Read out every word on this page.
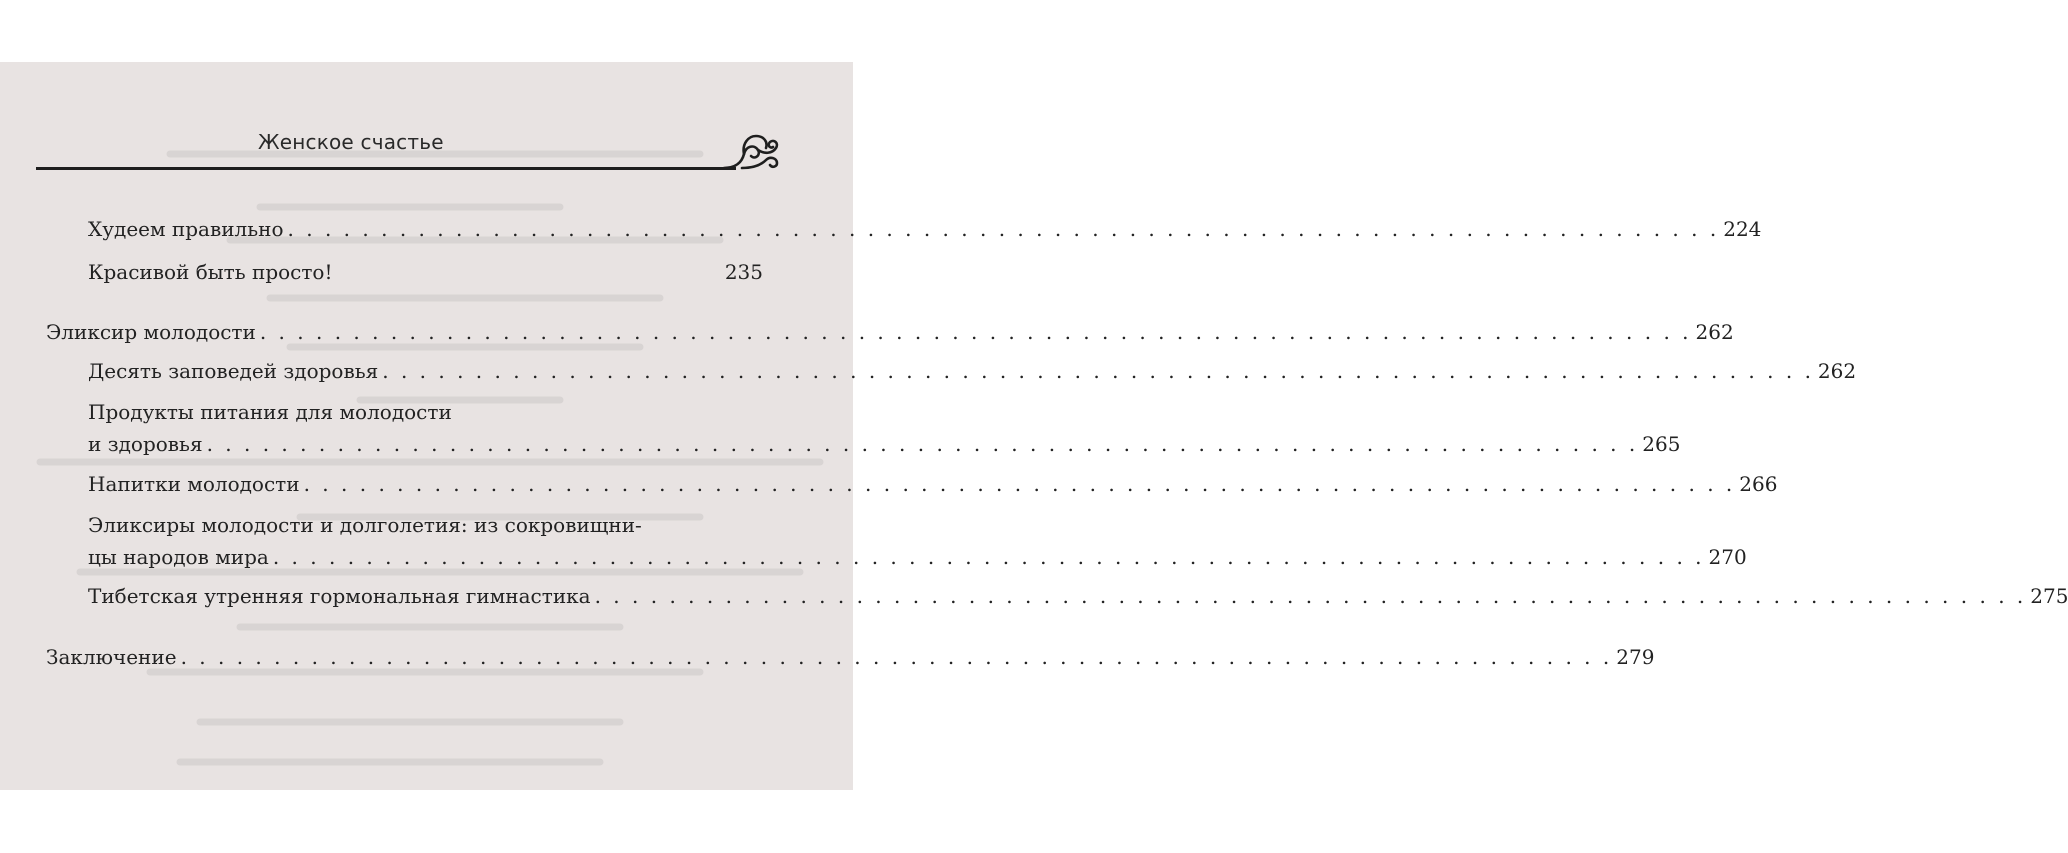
Женское счастье
Худеем правильно . . . . . . . . . . . . . . . . . . . . . . . . . . . . . . . . . . . . . . . . . . . . . . . . . . . . . . . . . . . . . . . . . . . . . . . . . . . . . 224
Красивой быть просто!	235
Эликсир молодости . . . . . . . . . . . . . . . . . . . . . . . . . . . . . . . . . . . . . . . . . . . . . . . . . . . . . . . . . . . . . . . . . . . . . . . . . . . . . 262
Десять заповедей здоровья . . . . . . . . . . . . . . . . . . . . . . . . . . . . . . . . . . . . . . . . . . . . . . . . . . . . . . . . . . . . . . . . . . . . . . . . . . . . . 262
Продукты питания для молодости
и здоровья . . . . . . . . . . . . . . . . . . . . . . . . . . . . . . . . . . . . . . . . . . . . . . . . . . . . . . . . . . . . . . . . . . . . . . . . . . . . . 265
Напитки молодости . . . . . . . . . . . . . . . . . . . . . . . . . . . . . . . . . . . . . . . . . . . . . . . . . . . . . . . . . . . . . . . . . . . . . . . . . . . . . 266
Эликсиры молодости и долголетия: из сокровищни-
цы народов мира . . . . . . . . . . . . . . . . . . . . . . . . . . . . . . . . . . . . . . . . . . . . . . . . . . . . . . . . . . . . . . . . . . . . . . . . . . . . . 270
Тибетская утренняя гормональная гимнастика . . . . . . . . . . . . . . . . . . . . . . . . . . . . . . . . . . . . . . . . . . . . . . . . . . . . . . . . . . . . . . . . . . . . . . . . . . . . . 275
Заключение . . . . . . . . . . . . . . . . . . . . . . . . . . . . . . . . . . . . . . . . . . . . . . . . . . . . . . . . . . . . . . . . . . . . . . . . . . . . . 279
